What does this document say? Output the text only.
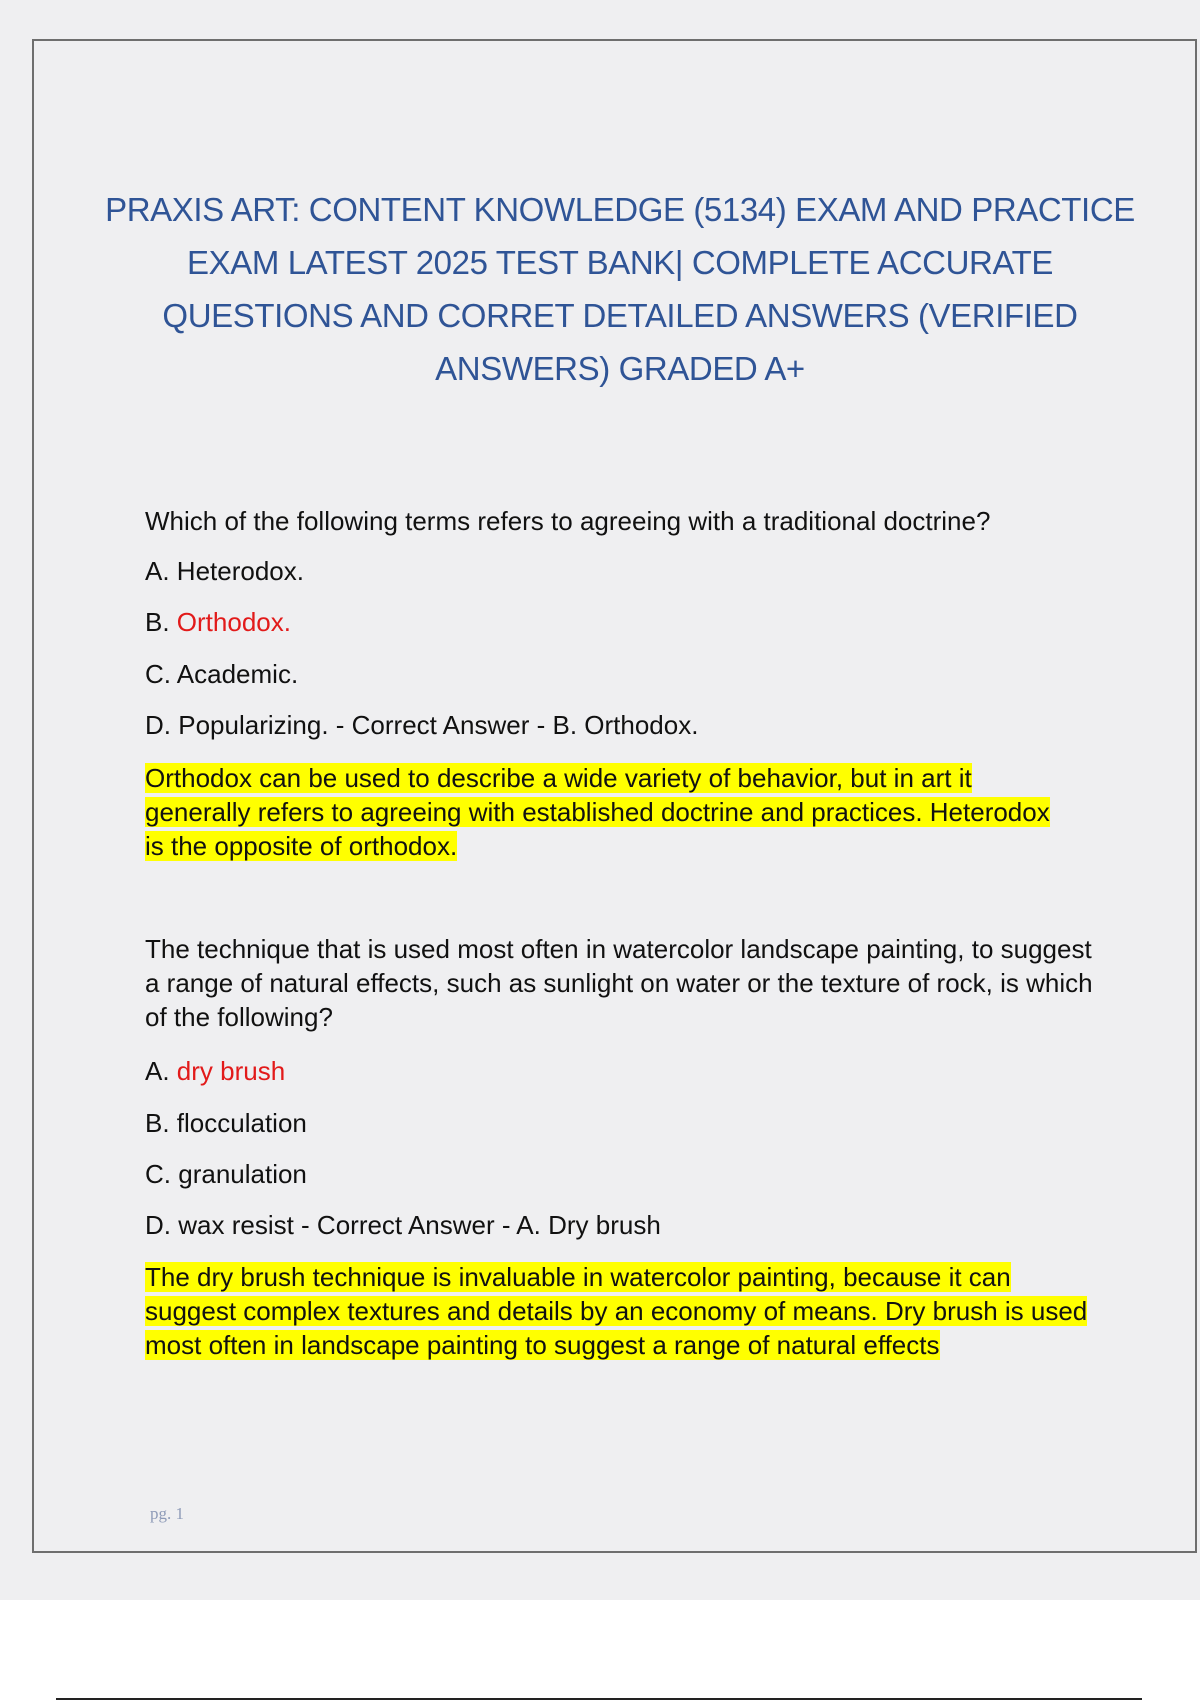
PRAXIS ART: CONTENT KNOWLEDGE (5134) EXAM AND PRACTICE EXAM LATEST 2025 TEST BANK| COMPLETE ACCURATE QUESTIONS AND CORRET DETAILED ANSWERS (VERIFIED ANSWERS) GRADED A+

Which of the following terms refers to agreeing with a traditional doctrine?

A. Heterodox.
B. Orthodox.
C. Academic.
D. Popularizing. - Correct Answer - B. Orthodox.

Orthodox can be used to describe a wide variety of behavior, but in art it generally refers to agreeing with established doctrine and practices. Heterodox is the opposite of orthodox.

The technique that is used most often in watercolor landscape painting, to suggest a range of natural effects, such as sunlight on water or the texture of rock, is which of the following?

A. dry brush
B. flocculation
C. granulation
D. wax resist - Correct Answer - A. Dry brush

The dry brush technique is invaluable in watercolor painting, because it can suggest complex textures and details by an economy of means. Dry brush is used most often in landscape painting to suggest a range of natural effects

pg. 1
